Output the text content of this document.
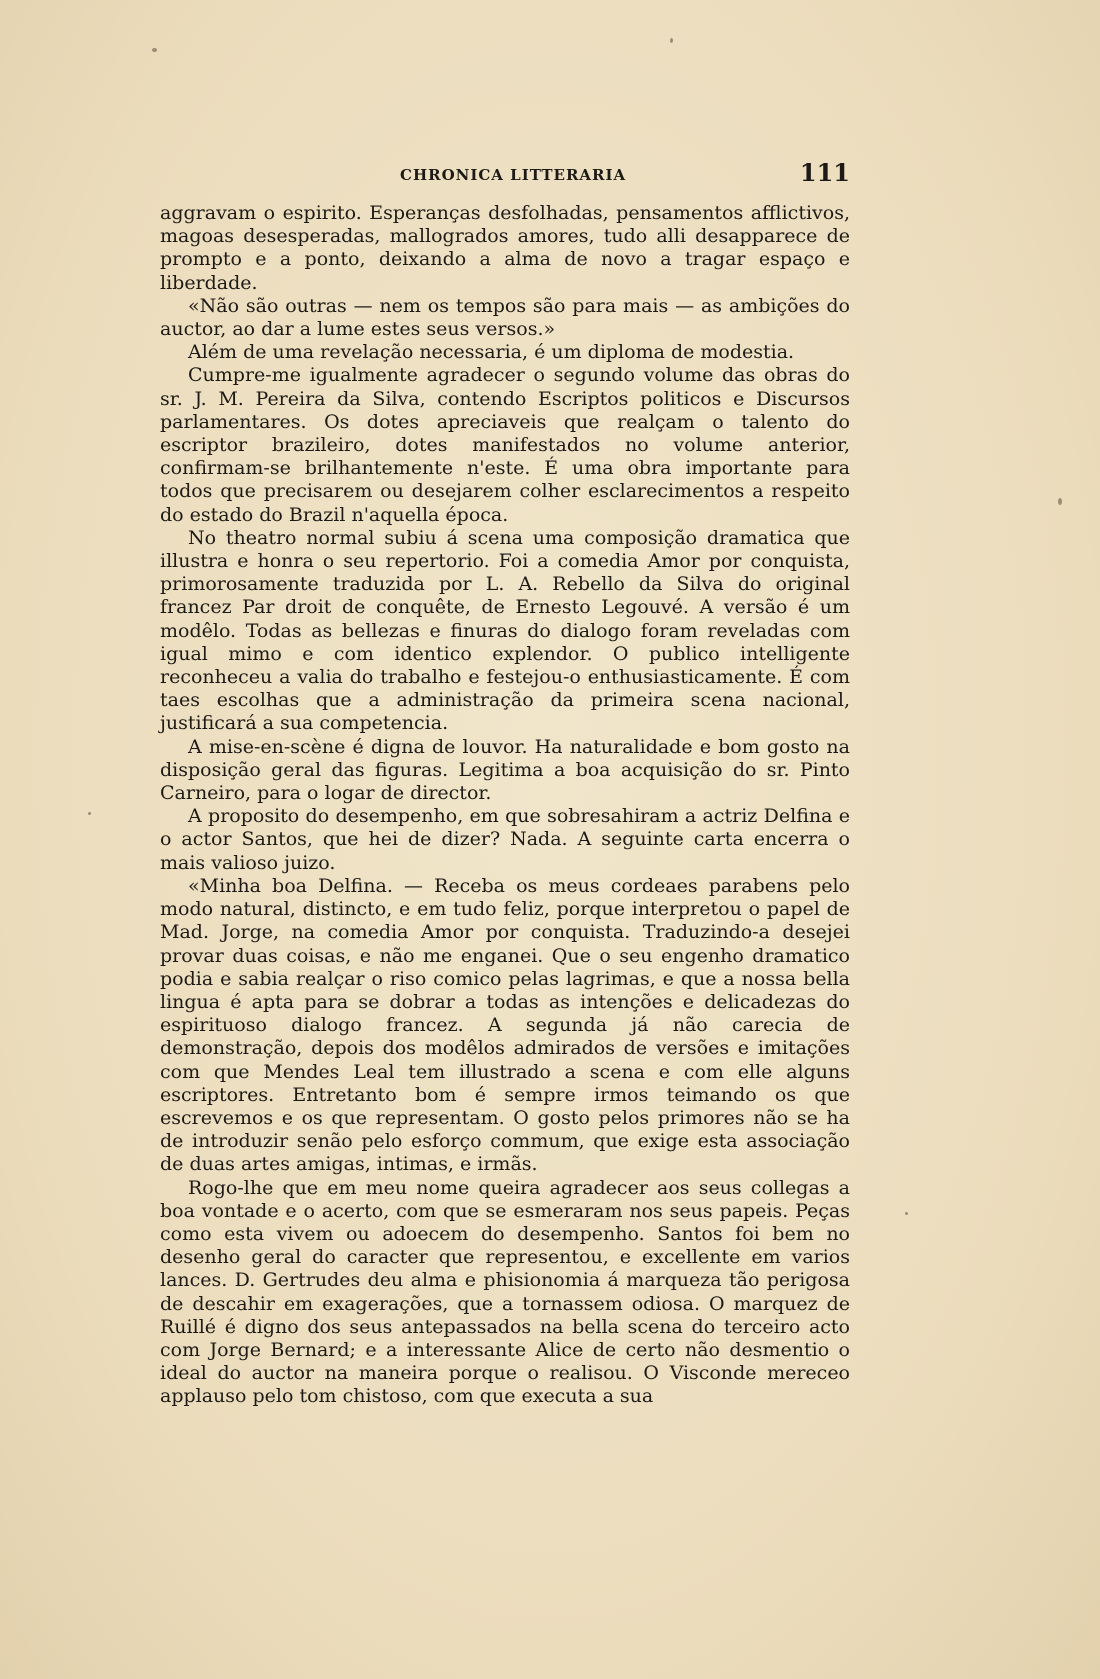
CHRONICA LITTERARIA	111

aggravam o espirito. Esperanças desfolhadas, pensamentos afflictivos, magoas desesperadas, mallogrados amores, tudo alli desapparece de prompto e a ponto, deixando a alma de novo a tragar espaço e liberdade.

«Não são outras — nem os tempos são para mais — as ambições do auctor, ao dar a lume estes seus versos.»

Além de uma revelação necessaria, é um diploma de modestia.

Cumpre-me igualmente agradecer o segundo volume das obras do sr. J. M. Pereira da Silva, contendo Escriptos politicos e Discursos parlamentares. Os dotes apreciaveis que realçam o talento do escriptor brazileiro, dotes manifestados no volume anterior, confirmam-se brilhantemente n'este. É uma obra importante para todos que precisarem ou desejarem colher esclarecimentos a respeito do estado do Brazil n'aquella época.

No theatro normal subiu á scena uma composição dramatica que illustra e honra o seu repertorio. Foi a comedia Amor por conquista, primorosamente traduzida por L. A. Rebello da Silva do original francez Par droit de conquête, de Ernesto Legouvé. A versão é um modêlo. Todas as bellezas e finuras do dialogo foram reveladas com igual mimo e com identico explendor. O publico intelligente reconheceu a valia do trabalho e festejou-o enthusiasticamente. É com taes escolhas que a administração da primeira scena nacional, justificará a sua competencia.

A mise-en-scène é digna de louvor. Ha naturalidade e bom gosto na disposição geral das figuras. Legitima a boa acquisição do sr. Pinto Carneiro, para o logar de director.

A proposito do desempenho, em que sobresahiram a actriz Delfina e o actor Santos, que hei de dizer? Nada. A seguinte carta encerra o mais valioso juizo.

«Minha boa Delfina. — Receba os meus cordeaes parabens pelo modo natural, distincto, e em tudo feliz, porque interpretou o papel de Mad. Jorge, na comedia Amor por conquista. Traduzindo-a desejei provar duas coisas, e não me enganei. Que o seu engenho dramatico podia e sabia realçar o riso comico pelas lagrimas, e que a nossa bella lingua é apta para se dobrar a todas as intenções e delicadezas do espirituoso dialogo francez. A segunda já não carecia de demonstração, depois dos modêlos admirados de versões e imitações com que Mendes Leal tem illustrado a scena e com elle alguns escriptores. Entretanto bom é sempre irmos teimando os que escrevemos e os que representam. O gosto pelos primores não se ha de introduzir senão pelo esforço commum, que exige esta associação de duas artes amigas, intimas, e irmãs.

Rogo-lhe que em meu nome queira agradecer aos seus collegas a boa vontade e o acerto, com que se esmeraram nos seus papeis. Peças como esta vivem ou adoecem do desempenho. Santos foi bem no desenho geral do caracter que representou, e excellente em varios lances. D. Gertrudes deu alma e phisionomia á marqueza tão perigosa de descahir em exagerações, que a tornassem odiosa. O marquez de Ruillé é digno dos seus antepassados na bella scena do terceiro acto com Jorge Bernard; e a interessante Alice de certo não desmentio o ideal do auctor na maneira porque o realisou. O Visconde mereceo applauso pelo tom chistoso, com que executa a sua
